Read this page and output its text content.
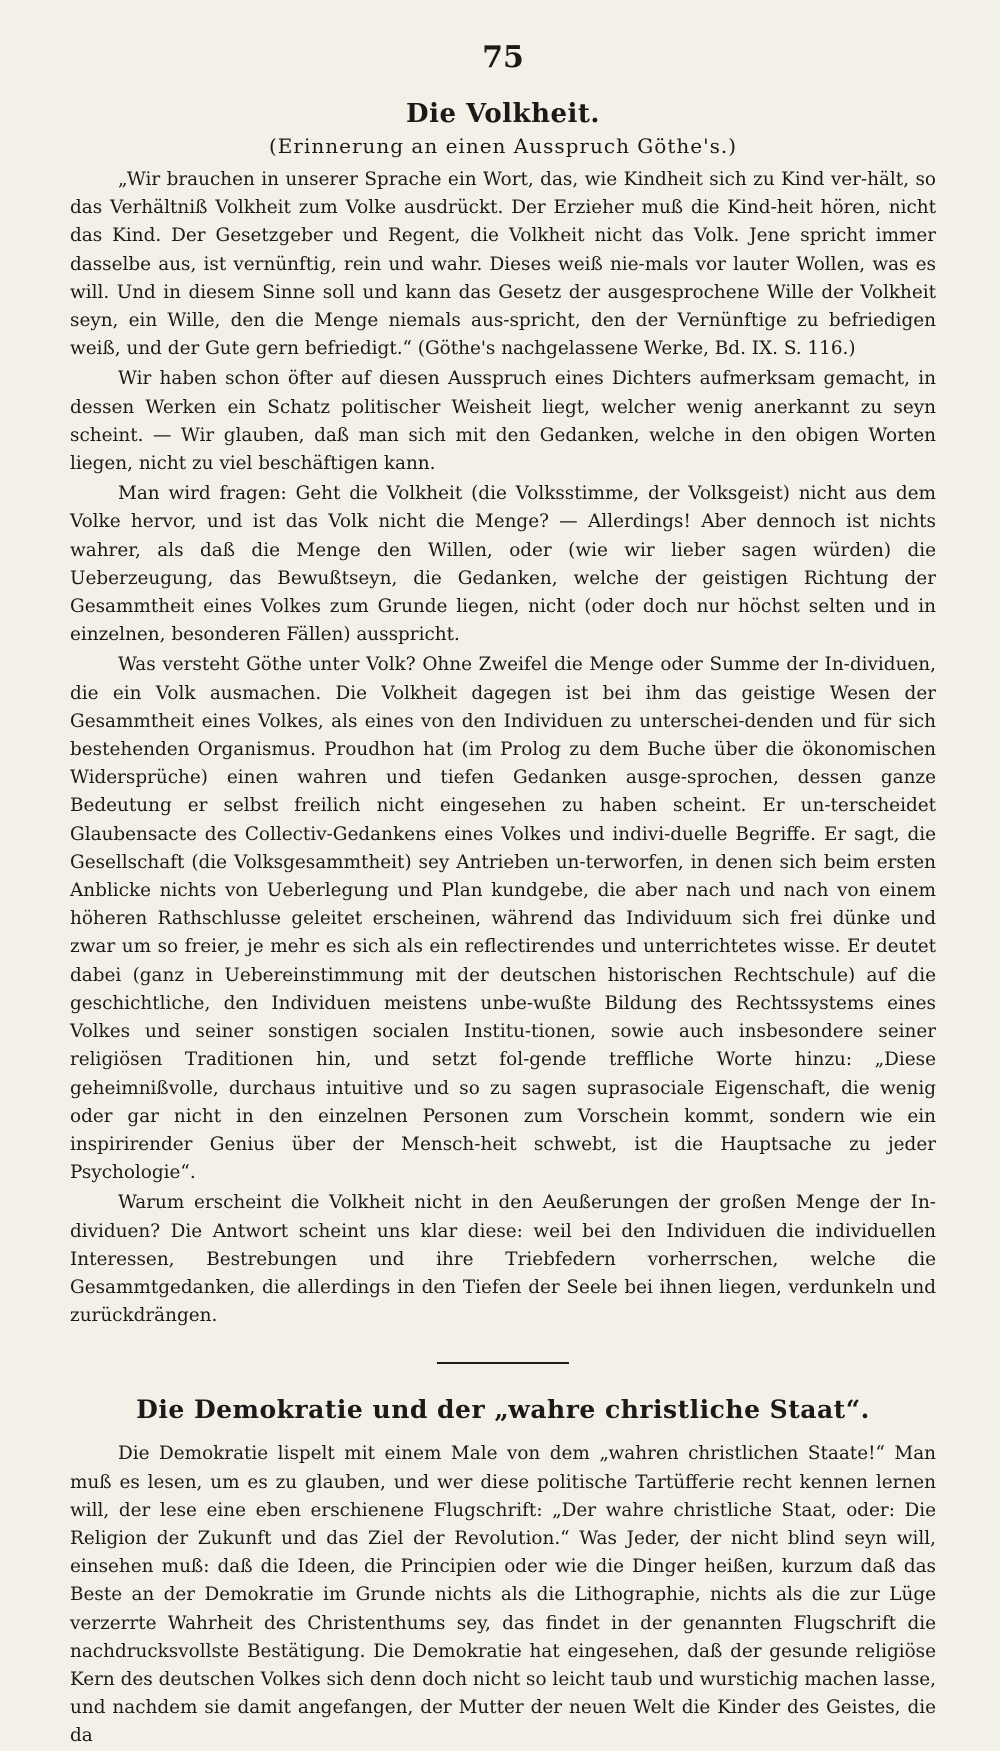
75
Die Volkheit.
(Erinnerung an einen Ausspruch Göthe's.)

„Wir brauchen in unserer Sprache ein Wort, das, wie Kindheit sich zu Kind ver-hält, so das Verhältniß Volkheit zum Volke ausdrückt. Der Erzieher muß die Kind-heit hören, nicht das Kind. Der Gesetzgeber und Regent, die Volkheit nicht das Volk. Jene spricht immer dasselbe aus, ist vernünftig, rein und wahr. Dieses weiß nie-mals vor lauter Wollen, was es will. Und in diesem Sinne soll und kann das Gesetz der ausgesprochene Wille der Volkheit seyn, ein Wille, den die Menge niemals aus-spricht, den der Vernünftige zu befriedigen weiß, und der Gute gern befriedigt.“ (Göthe's nachgelassene Werke, Bd. IX. S. 116.)

Wir haben schon öfter auf diesen Ausspruch eines Dichters aufmerksam gemacht, in dessen Werken ein Schatz politischer Weisheit liegt, welcher wenig anerkannt zu seyn scheint. — Wir glauben, daß man sich mit den Gedanken, welche in den obigen Worten liegen, nicht zu viel beschäftigen kann.

Man wird fragen: Geht die Volkheit (die Volksstimme, der Volksgeist) nicht aus dem Volke hervor, und ist das Volk nicht die Menge? — Allerdings! Aber dennoch ist nichts wahrer, als daß die Menge den Willen, oder (wie wir lieber sagen würden) die Ueberzeugung, das Bewußtseyn, die Gedanken, welche der geistigen Richtung der Gesammtheit eines Volkes zum Grunde liegen, nicht (oder doch nur höchst selten und in einzelnen, besonderen Fällen) ausspricht.

Was versteht Göthe unter Volk? Ohne Zweifel die Menge oder Summe der In-dividuen, die ein Volk ausmachen. Die Volkheit dagegen ist bei ihm das geistige Wesen der Gesammtheit eines Volkes, als eines von den Individuen zu unterschei-denden und für sich bestehenden Organismus. Proudhon hat (im Prolog zu dem Buche über die ökonomischen Widersprüche) einen wahren und tiefen Gedanken ausge-sprochen, dessen ganze Bedeutung er selbst freilich nicht eingesehen zu haben scheint. Er un-terscheidet Glaubensacte des Collectiv-Gedankens eines Volkes und indivi-duelle Begriffe. Er sagt, die Gesellschaft (die Volksgesammtheit) sey Antrieben un-terworfen, in denen sich beim ersten Anblicke nichts von Ueberlegung und Plan kundgebe, die aber nach und nach von einem höheren Rathschlusse geleitet erscheinen, während das Individuum sich frei dünke und zwar um so freier, je mehr es sich als ein reflectirendes und unterrichtetes wisse. Er deutet dabei (ganz in Uebereinstimmung mit der deutschen historischen Rechtschule) auf die geschichtliche, den Individuen meistens unbe-wußte Bildung des Rechtssystems eines Volkes und seiner sonstigen socialen Institu-tionen, sowie auch insbesondere seiner religiösen Traditionen hin, und setzt fol-gende treffliche Worte hinzu: „Diese geheimnißvolle, durchaus intuitive und so zu sagen suprasociale Eigenschaft, die wenig oder gar nicht in den einzelnen Personen zum Vorschein kommt, sondern wie ein inspirirender Genius über der Mensch-heit schwebt, ist die Hauptsache zu jeder Psychologie“.

Warum erscheint die Volkheit nicht in den Aeußerungen der großen Menge der In-dividuen? Die Antwort scheint uns klar diese: weil bei den Individuen die individuellen Interessen, Bestrebungen und ihre Triebfedern vorherrschen, welche die Gesammtgedanken, die allerdings in den Tiefen der Seele bei ihnen liegen, verdunkeln und zurückdrängen.

Die Demokratie und der „wahre christliche Staat“.

Die Demokratie lispelt mit einem Male von dem „wahren christlichen Staate!“ Man muß es lesen, um es zu glauben, und wer diese politische Tartüfferie recht kennen lernen will, der lese eine eben erschienene Flugschrift: „Der wahre christliche Staat, oder: Die Religion der Zukunft und das Ziel der Revolution.“ Was Jeder, der nicht blind seyn will, einsehen muß: daß die Ideen, die Principien oder wie die Dinger heißen, kurzum daß das Beste an der Demokratie im Grunde nichts als die Lithographie, nichts als die zur Lüge verzerrte Wahrheit des Christenthums sey, das findet in der genannten Flugschrift die nachdrucksvollste Bestätigung. Die Demokratie hat eingesehen, daß der gesunde religiöse Kern des deutschen Volkes sich denn doch nicht so leicht taub und wurstichig machen lasse, und nachdem sie damit angefangen, der Mutter der neuen Welt die Kinder des Geistes, die da
